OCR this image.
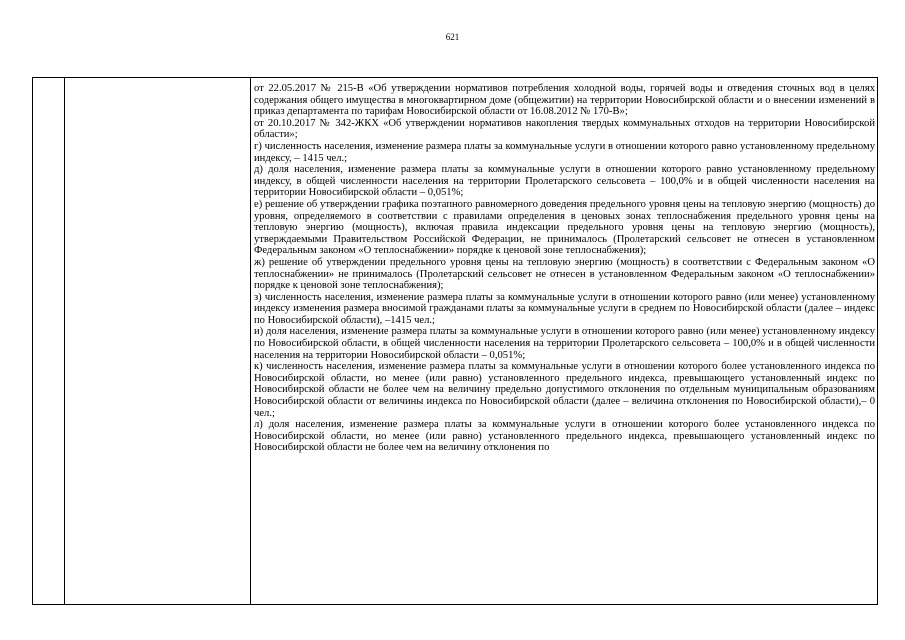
621

от 22.05.2017 № 215-В «Об утверждении нормативов потребления холодной воды, горячей воды и отведения сточных вод в целях содержания общего имущества в многоквартирном доме (общежитии) на территории Новосибирской области и о внесении изменений в приказ департамента по тарифам Новосибирской области от 16.08.2012 № 170-В»;

от 20.10.2017 № 342-ЖКХ «Об утверждении нормативов накопления твердых коммунальных отходов на территории Новосибирской области»;

г) численность населения, изменение размера платы за коммунальные услуги в отношении которого равно установленному предельному индексу, – 1415 чел.;

д) доля населения, изменение размера платы за коммунальные услуги в отношении которого равно установленному предельному индексу, в общей численности населения на территории Пролетарского сельсовета – 100,0% и в общей численности населения на территории Новосибирской области – 0,051%;

е) решение об утверждении графика поэтапного равномерного доведения предельного уровня цены на тепловую энергию (мощность) до уровня, определяемого в соответствии с правилами определения в ценовых зонах теплоснабжения предельного уровня цены на тепловую энергию (мощность), включая правила индексации предельного уровня цены на тепловую энергию (мощность), утверждаемыми Правительством Российской Федерации, не принималось (Пролетарский сельсовет не отнесен в установленном Федеральным законом «О теплоснабжении» порядке к ценовой зоне теплоснабжения);

ж) решение об утверждении предельного уровня цены на тепловую энергию (мощность) в соответствии с Федеральным законом «О теплоснабжении» не принималось (Пролетарский сельсовет не отнесен в установленном Федеральным законом «О теплоснабжении» порядке к ценовой зоне теплоснабжения);

з) численность населения, изменение размера платы за коммунальные услуги в отношении которого равно (или менее) установленному индексу изменения размера вносимой гражданами платы за коммунальные услуги в среднем по Новосибирской области (далее – индекс по Новосибирской области), –1415 чел.;

и) доля населения, изменение размера платы за коммунальные услуги в отношении которого равно (или менее) установленному индексу по Новосибирской области, в общей численности населения на территории Пролетарского сельсовета – 100,0% и в общей численности населения на территории Новосибирской области – 0,051%;

к) численность населения, изменение размера платы за коммунальные услуги в отношении которого более установленного индекса по Новосибирской области, но менее (или равно) установленного предельного индекса, превышающего установленный индекс по Новосибирской области не более чем на величину предельно допустимого отклонения по отдельным муниципальным образованиям Новосибирской области от величины индекса по Новосибирской области (далее – величина отклонения по Новосибирской области),– 0 чел.;

л) доля населения, изменение размера платы за коммунальные услуги в отношении которого более установленного индекса по Новосибирской области, но менее (или равно) установленного предельного индекса, превышающего установленный индекс по Новосибирской области не более чем на величину отклонения по
